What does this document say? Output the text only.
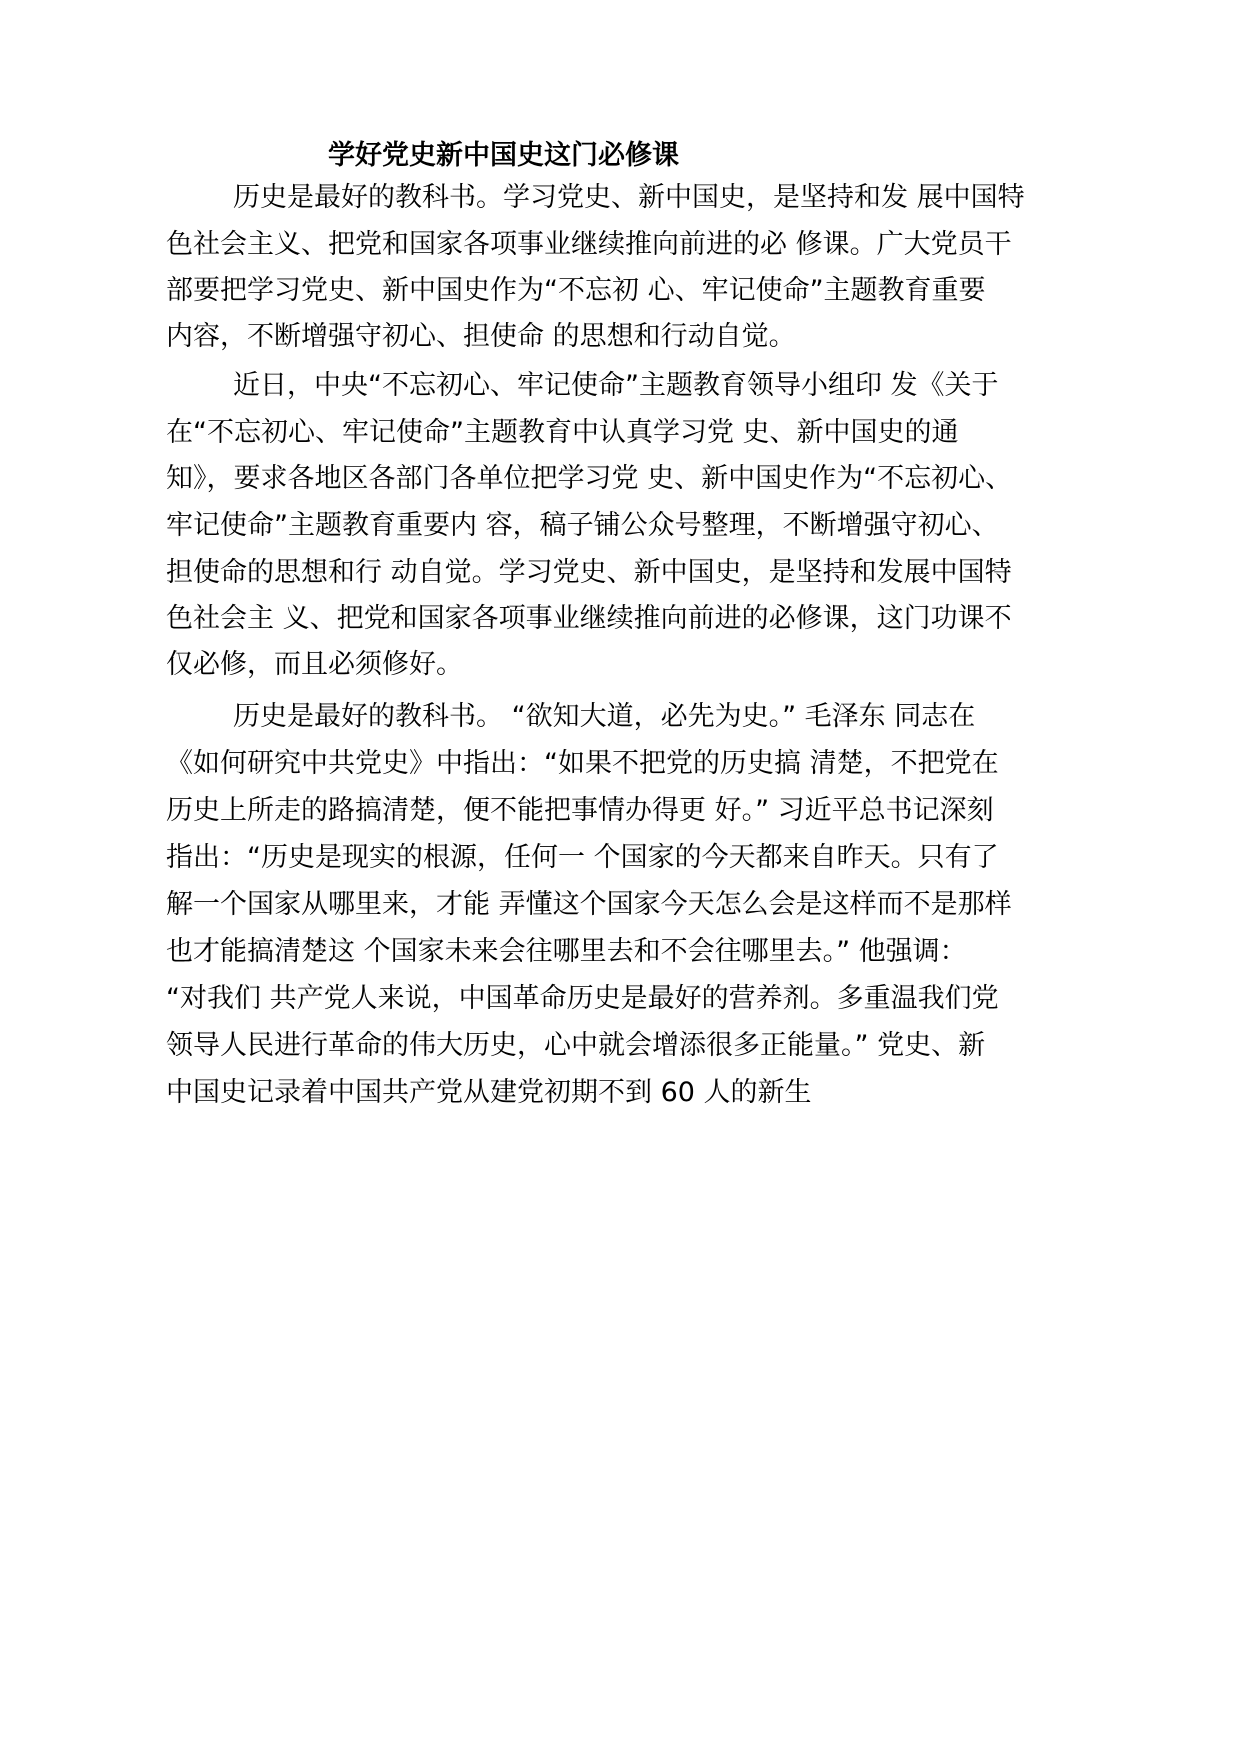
学好党史新中国史这门必修课

历史是最好的教科书。学习党史、新中国史，是坚持和发 展中国特

色社会主义、把党和国家各项事业继续推向前进的必 修课。广大党员干

部要把学习党史、新中国史作为“不忘初 心、牢记使命”主题教育重要

内容，不断增强守初心、担使命 的思想和行动自觉。

近日，中央“不忘初心、牢记使命”主题教育领导小组印 发《关于

在“不忘初心、牢记使命”主题教育中认真学习党 史、新中国史的通

知》，要求各地区各部门各单位把学习党 史、新中国史作为“不忘初心、

牢记使命”主题教育重要内 容，稿子铺公众号整理，不断增强守初心、

担使命的思想和行 动自觉。学习党史、新中国史，是坚持和发展中国特

色社会主 义、把党和国家各项事业继续推向前进的必修课，这门功课不

仅必修，而且必须修好。

历史是最好的教科书。 “欲知大道，必先为史。” 毛泽东 同志在

《如何研究中共党史》中指出：“如果不把党的历史搞 清楚，不把党在

历史上所走的路搞清楚，便不能把事情办得更 好。” 习近平总书记深刻

指出：“历史是现实的根源，任何一 个国家的今天都来自昨天。只有了

解一个国家从哪里来，才能 弄懂这个国家今天怎么会是这样而不是那样

也才能搞清楚这 个国家未来会往哪里去和不会往哪里去。” 他强调：

“对我们 共产党人来说，中国革命历史是最好的营养剂。多重温我们党

领导人民进行革命的伟大历史，心中就会增添很多正能量。” 党史、新

中国史记录着中国共产党从建党初期不到 60 人的新生
